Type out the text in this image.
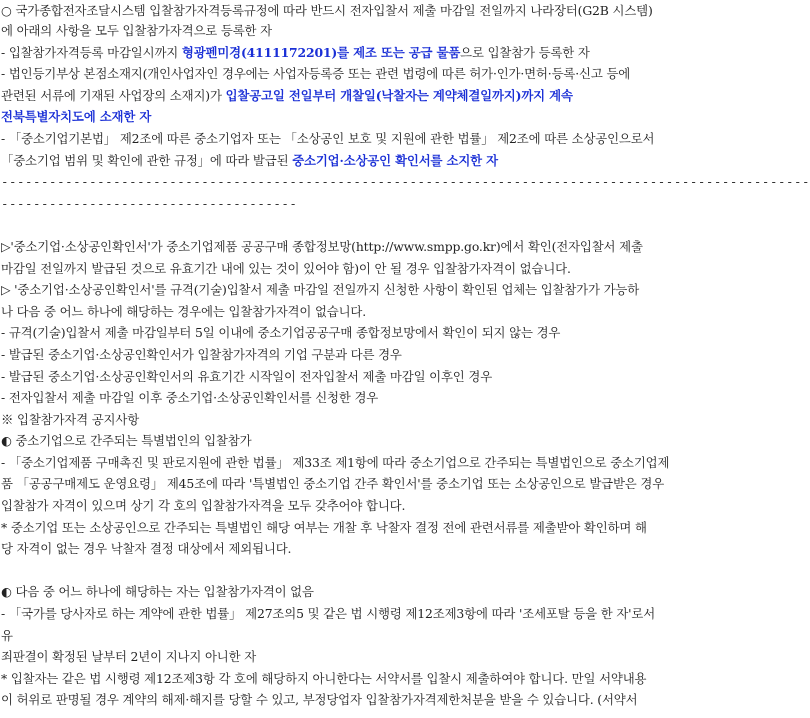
○ 국가종합전자조달시스템 입찰참가자격등록규정에 따라 반드시 전자입찰서 제출 마감일 전일까지 나라장터(G2B 시스템)
에 아래의 사항을 모두 입찰참가자격으로 등록한 자
- 입찰참가자격등록 마감일시까지 형광펜미경(4111172201)를 제조 또는 공급 물품으로 입찰참가 등록한 자
- 법인등기부상 본점소재지(개인사업자인 경우에는 사업자등록증 또는 관련 법령에 따른 허가·인가·면허·등록·신고 등에
관련된 서류에 기재된 사업장의 소재지)가 입찰공고일 전일부터 개찰일(낙찰자는 계약체결일까지)까지 계속
전북특별자치도에 소재한 자
- 「중소기업기본법」 제2조에 따른 중소기업자 또는 「소상공인 보호 및 지원에 관한 법률」 제2조에 따른 소상공인으로서
「중소기업 범위 및 확인에 관한 규정」에 따라 발급된 중소기업·소상공인 확인서를 소지한 자
-----------------------------------------------------------------------------------------------------
-------------------------------------
▷'중소기업·소상공인확인서'가 중소기업제품 공공구매 종합정보망(http://www.smpp.go.kr)에서 확인(전자입찰서 제출
마감일 전일까지 발급된 것으로 유효기간 내에 있는 것이 있어야 함)이 안 될 경우 입찰참가자격이 없습니다.
▷ '중소기업·소상공인확인서'를 규격(기술)입찰서 제출 마감일 전일까지 신청한 사항이 확인된 업체는 입찰참가가 가능하
나 다음 중 어느 하나에 해당하는 경우에는 입찰참가자격이 없습니다.
- 규격(기술)입찰서 제출 마감일부터 5일 이내에 중소기업공공구매 종합정보망에서 확인이 되지 않는 경우
- 발급된 중소기업·소상공인확인서가 입찰참가자격의 기업 구분과 다른 경우
- 발급된 중소기업·소상공인확인서의 유효기간 시작일이 전자입찰서 제출 마감일 이후인 경우
- 전자입찰서 제출 마감일 이후 중소기업·소상공인확인서를 신청한 경우
※ 입찰참가자격 공지사항
◐ 중소기업으로 간주되는 특별법인의 입찰참가
- 「중소기업제품 구매촉진 및 판로지원에 관한 법률」 제33조 제1항에 따라 중소기업으로 간주되는 특별법인으로 중소기업제
품 「공공구매제도 운영요령」 제45조에 따라 '특별법인 중소기업 간주 확인서'를 중소기업 또는 소상공인으로 발급받은 경우
입찰참가 자격이 있으며 상기 각 호의 입찰참가자격을 모두 갖추어야 합니다.
* 중소기업 또는 소상공인으로 간주되는 특별법인 해당 여부는 개찰 후 낙찰자 결정 전에 관련서류를 제출받아 확인하며 해
당 자격이 없는 경우 낙찰자 결정 대상에서 제외됩니다.
◐ 다음 중 어느 하나에 해당하는 자는 입찰참가자격이 없음
- 「국가를 당사자로 하는 계약에 관한 법률」 제27조의5 및 같은 법 시행령 제12조제3항에 따라 '조세포탈 등을 한 자'로서
유
죄판결이 확정된 날부터 2년이 지나지 아니한 자
* 입찰자는 같은 법 시행령 제12조제3항 각 호에 해당하지 아니한다는 서약서를 입찰시 제출하여야 합니다. 만일 서약내용
이 허위로 판명될 경우 계약의 해제·해지를 당할 수 있고, 부정당업자 입찰참가자격제한처분을 받을 수 있습니다. (서약서
